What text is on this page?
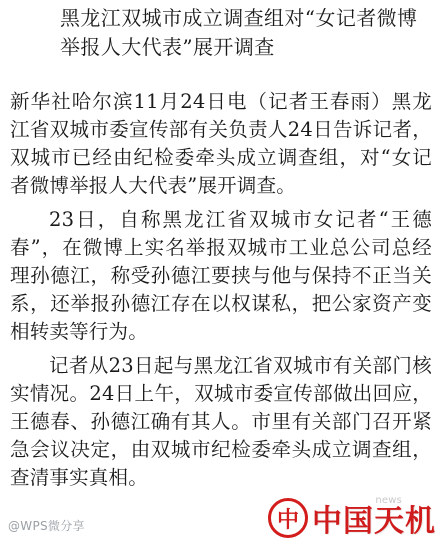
黑龙江双城市成立调查组对“女记者微博举报人大代表”展开调查

新华社哈尔滨11月24日电（记者王春雨）黑龙江省双城市委宣传部有关负责人24日告诉记者，双城市已经由纪检委牵头成立调查组，对“女记者微博举报人大代表”展开调查。

23日，自称黑龙江省双城市女记者“王德春”，在微博上实名举报双城市工业总公司总经理孙德江，称受孙德江要挟与他与保持不正当关系，还举报孙德江存在以权谋私，把公家资产变相转卖等行为。

记者从23日起与黑龙江省双城市有关部门核实情况。24日上午，双城市委宣传部做出回应，王德春、孙德江确有其人。市里有关部门召开紧急会议决定，由双城市纪检委牵头成立调查组，查清事实真相。

@WPS微分享
news
中 中国天机
